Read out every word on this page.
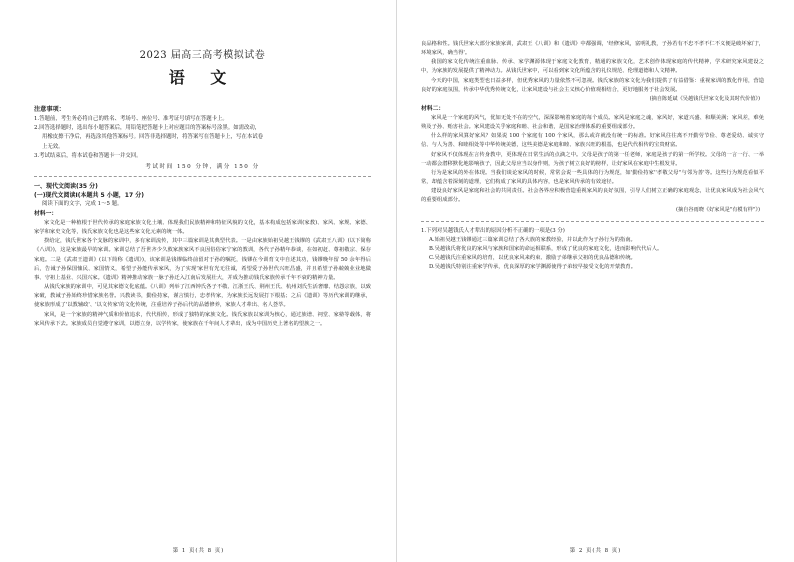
2023 届高三高考模拟试卷
语 文
注意事项：
1.答题前，考生务必将自己的姓名、考场号、座位号、准考证号填写在答题卡上。
2.回答选择题时，选出每小题答案后，用铅笔把答题卡上对应题目的答案标号涂黑。如需改动，
用橡皮擦干净后，再选涂其他答案标号。回答非选择题时，将答案写在答题卡上，写在本试卷
上无效。
3.考试结束后，将本试卷和答题卡一并交回。
考试时间 150 分钟，满分 150 分
一、现代文阅读(35 分)
(一)现代文阅读Ⅰ(本题共 5 小题，17 分)
阅读下面的文字，完成 1～5 题。
材料一：

家文化是一种植根于世代传承的家庭家族文化土壤、体现我们民族精神和特征风貌的文化，基本构成包括家训(家教)、家风、家规、家德、家学和家史文化等，钱氏家族文化也是这些家文化元素的统一体。

揆给定，钱氏世家各个支脉的家训中，多有家训流传，其中三篇家训是其典型代表。一是由家族始祖吴越王钱镠的《武肃王八训》(以下简称《八训》)，这是家族最早的家训。家训总结了吾世齐少久救家族家风不良因俗俗家宁家的教训，各代子孙精年恭谈，在如初赶、尊祖敬宗、保存家庭。二是《武肃王遗训》(以下简称《遗训》)，该家训是钱镠临终前留对于孙的嘱托，钱镠在今训育文中自述其功，钱镠晚年留 50 余年得后后，告诫子孙保国恤民、家国情义，希望子孙能传承家风，为了实现'家世有光无往诚，希望爱子孙世代兴旺昌盛，并且希望子孙兢兢业业地做事、守祖上基业、兴国兴家。《遗训》精神推动家族一脉子孙迁入江南后发展壮大，并成为推动钱氏家族传承千年不衰的精神力量。

从钱氏家族的家训中，可见其家德文化底蕴。《八训》列举了江西钟氏各子不敬、江浙王氏、荆州王氏、杭州刘氏生活奢靡、结怨宗族，以致家破，教诫子孙始终珍惜家族名誉。兴教读书，勤俭持家，谨言慎行，忠孝传家，为家族长远发展打下根基；之后《遗训》等历代家训的继承，使家族形成了'以教辅政'、'以文传家'的文化传统，注重培养子孙后代的品德修养，家族人才辈出、名人荟萃。

家风，是一个家族的精神气质和价值追求，代代相传，形成了独特的家族文化。钱氏家族以家训为核心，通过族谱、祠堂、家塾等载体，将家风传承下去。家族成员自觉遵守家训，以德立身，以学传家，使家族在千年间人才辈出，成为中国历史上著名的望族之一。

第 1 页(共 8 页)

良品格和性。钱氏世家大部分家族家训，武肃王《八训》和《遗训》中都强调，'经修家风，富明礼教，子孙若有不忠不孝不仁不义便是破坏家门'，环境家风，确当得'。

我国的家文化传统注重血脉、传承、家学渊源体现于家庭文化教育，精通的家族文化，艺术创作体现家庭的传代精神，学术研究家风建设之中，为家族的发展提供了精神动力。从钱氏世家中，可以看到家文化所蕴含的礼仪规范、伦理道德和人文精神。

今天的中国，家庭类型也日益多样，但优秀家风的力量依然不可忽视。钱氏家族的家文化为我们提供了有益借鉴：重视家训的教化作用，营造良好的家庭氛围，传承中华优秀传统文化，让家风建设与社会主义核心价值观相结合，更好地服务于社会发展。

(摘自陈延斌《吴越钱氏世家文化及其时代价值》)
材料二：

家风是一个家庭的风气，优如无处不在的空气，深深影响着家庭的每个成员。家风是家庭之魂，家风好，家道兴盛、和顺美满；家风差，难免殃及子孙、贻害社会。家风建设关乎家庭和睦、社会和谐，是国家治理体系的重要组成部分。

什么样的家风算好家风？如果说 100 个家庭有 100 个家风，那么或许就没有统一的标准。好家风往往离不开勤劳节俭、尊老爱幼、诚实守信、与人为善、和睦相处等中华传统美德，这些美德是家庭和睦、家族兴旺的根基，也是代代相传的宝贵财富。

好家风不仅体现在言传身教中，更体现在日常生活的点滴之中。父母是孩子的第一任老师，家庭是孩子的第一所学校。父母的一言一行、一举一动都会潜移默化地影响孩子，因此父母应当以身作则，为孩子树立良好的榜样，让好家风在家庭中生根发芽。

行为是家风的外在体现。当我们谈论家风的时候，常常会说一些具体的行为规范，如'勤俭持家''孝敬父母''与邻为善'等。这些行为规范看似平常，却蕴含着深刻的道理，它们构成了家风的具体内容，也是家风传承的有效途径。

建设良好家风是家庭和社会的共同责任。社会各界应积极营造重视家风的良好氛围，引导人们树立正确的家庭观念，让优良家风成为社会风气的重要组成部分。

(摘自谷雨晓《好家风是"有模有样"》)
1.下列对吴越钱氏人才辈出的原因分析不正确的一项是(3 分)
A.始祖吴越王钱镠通过三篇家训总结了各大族的家教经验，并以此作为子孙行为的指南。
B.吴越钱氏将优良的家风与家族和国家的命运相联系，形成了优良的家庭文化，进而影响代代后人。
C.吴越钱氏注重家风的培育，以优良家风来约束、激励子弟继承父祖的优良品德和传统。
D.吴越钱氏特别注重家学传承，优良深厚的家学渊源使得子弟较早接受文化的开蒙教育。
第 2 页(共 8 页)
